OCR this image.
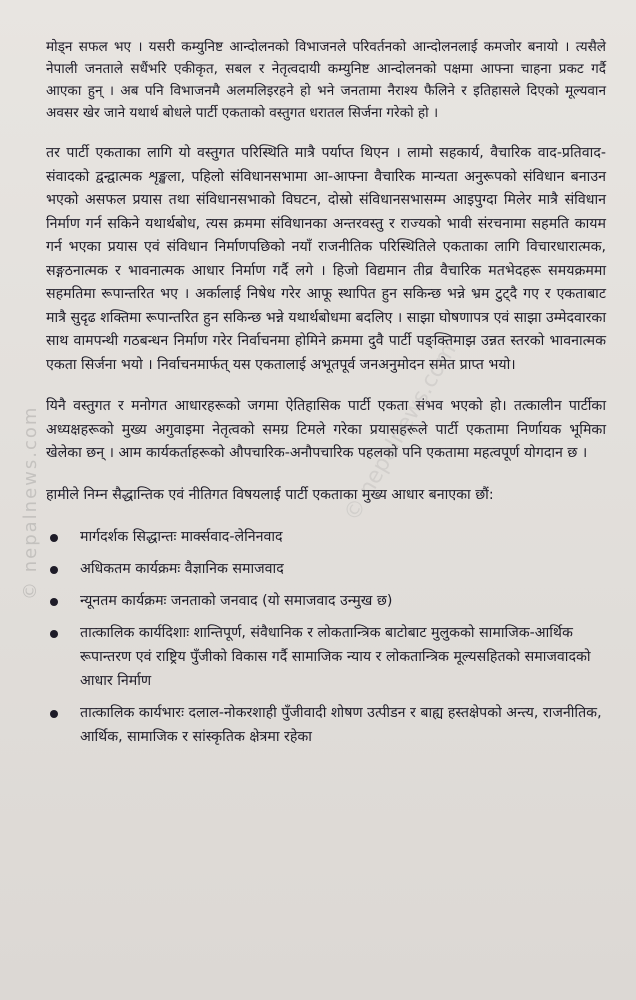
मोड्न सफल भए । यसरी कम्युनिष्ट आन्दोलनको विभाजनले परिवर्तनको आन्दोलनलाई कमजोर बनायो । त्यसैले नेपाली जनताले सधैंभरि एकीकृत, सबल र नेतृत्वदायी कम्युनिष्ट आन्दोलनको पक्षमा आफ्ना चाहना प्रकट गर्दै आएका हुन् । अब पनि विभाजनमै अलमलिइरहने हो भने जनतामा नैराश्य फैलिने र इतिहासले दिएको मूल्यवान अवसर खेर जाने यथार्थ बोधले पार्टी एकताको वस्तुगत धरातल सिर्जना गरेको हो ।

तर पार्टी एकताका लागि यो वस्तुगत परिस्थिति मात्रै पर्याप्त थिएन । लामो सहकार्य, वैचारिक वाद-प्रतिवाद-संवादको द्वन्द्वात्मक शृङ्खला, पहिलो संविधानसभामा आ-आफ्ना वैचारिक मान्यता अनुरूपको संविधान बनाउन भएको असफल प्रयास तथा संविधानसभाको विघटन, दोस्रो संविधानसभासम्म आइपुग्दा मिलेर मात्रै संविधान निर्माण गर्न सकिने यथार्थबोध, त्यस क्रममा संविधानका अन्तरवस्तु र राज्यको भावी संरचनामा सहमति कायम गर्न भएका प्रयास एवं संविधान निर्माणपछिको नयाँ राजनीतिक परिस्थितिले एकताका लागि विचारधारात्मक, सङ्गठनात्मक र भावनात्मक आधार निर्माण गर्दै लगे । हिजो विद्यमान तीव्र वैचारिक मतभेदहरू समयक्रममा सहमतिमा रूपान्तरित भए । अर्कालाई निषेध गरेर आफू स्थापित हुन सकिन्छ भन्ने भ्रम टुट्दै गए र एकताबाट मात्रै सुदृढ शक्तिमा रूपान्तरित हुन सकिन्छ भन्ने यथार्थबोधमा बदलिए । साझा घोषणापत्र एवं साझा उम्मेदवारका साथ वामपन्थी गठबन्धन निर्माण गरेर निर्वाचनमा होमिने क्रममा दुवै पार्टी पङ्क्तिमाझ उन्नत स्तरको भावनात्मक एकता सिर्जना भयो । निर्वाचनमार्फत् यस एकतालाई अभूतपूर्व जनअनुमोदन समेत प्राप्त भयो।

यिनै वस्तुगत र मनोगत आधारहरूको जगमा ऐतिहासिक पार्टी एकता संभव भएको हो। तत्कालीन पार्टीका अध्यक्षहरूको मुख्य अगुवाइमा नेतृत्वको समग्र टिमले गरेका प्रयासहरूले पार्टी एकतामा निर्णायक भूमिका खेलेका छन् । आम कार्यकर्ताहरूको औपचारिक-अनौपचारिक पहलको पनि एकतामा महत्वपूर्ण योगदान छ ।

हामीले निम्न सैद्धान्तिक एवं नीतिगत विषयलाई पार्टी एकताका मुख्य आधार बनाएका छौं:

मार्गदर्शक सिद्धान्तः मार्क्सवाद-लेनिनवाद
अधिकतम कार्यक्रमः वैज्ञानिक समाजवाद
न्यूनतम कार्यक्रमः जनताको जनवाद (यो समाजवाद उन्मुख छ)
तात्कालिक कार्यदिशाः शान्तिपूर्ण, संवैधानिक र लोकतान्त्रिक बाटोबाट मुलुकको सामाजिक-आर्थिक रूपान्तरण एवं राष्ट्रिय पुँजीको विकास गर्दै सामाजिक न्याय र लोकतान्त्रिक मूल्यसहितको समाजवादको आधार निर्माण
तात्कालिक कार्यभारः दलाल-नोकरशाही पुँजीवादी शोषण उत्पीडन र बाह्य हस्तक्षेपको अन्त्य, राजनीतिक, आर्थिक, सामाजिक र सांस्कृतिक क्षेत्रमा रहेका
© nepalnews.com	© nepalnews.com
